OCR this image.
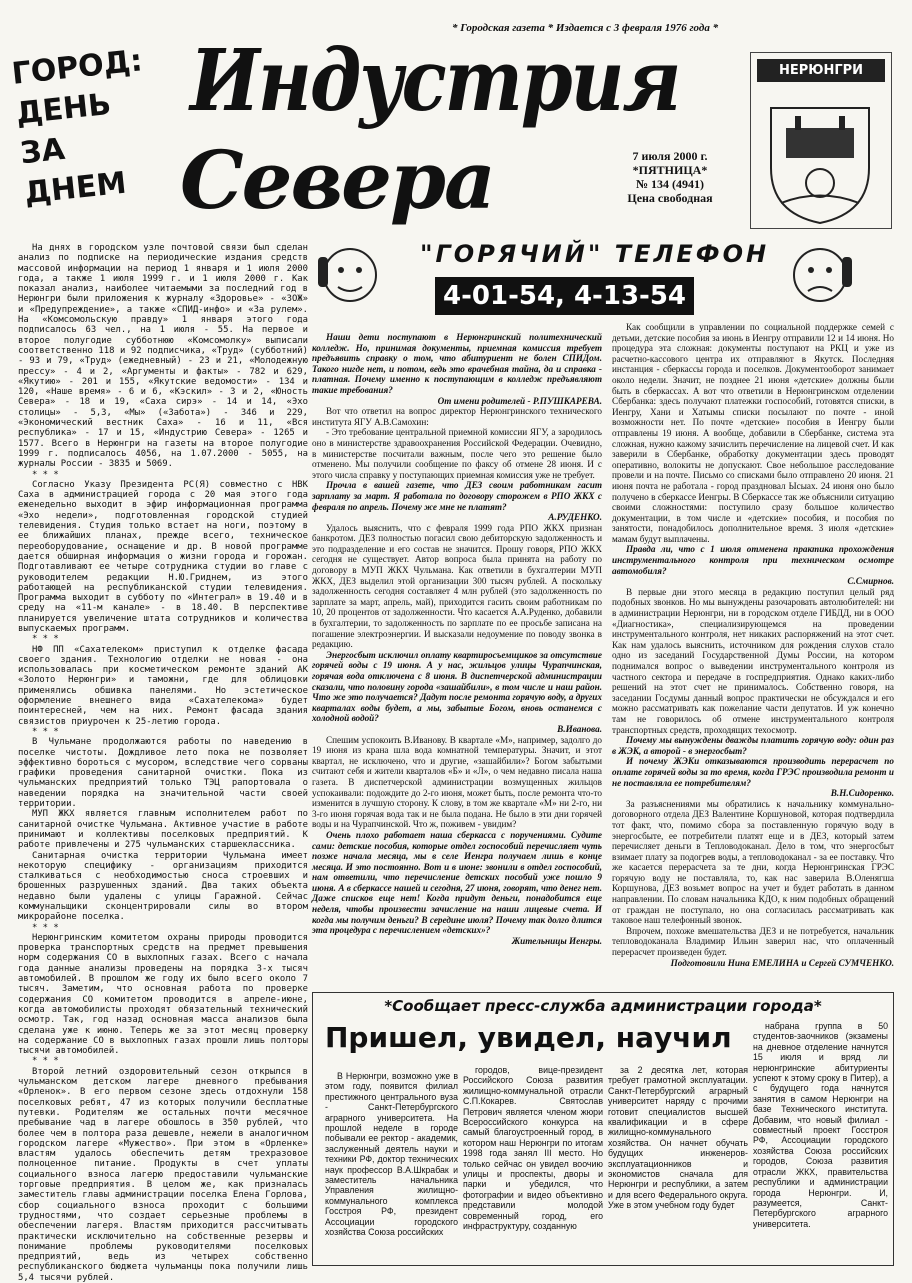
* Городская газета * Издается с 3 февраля 1976 года *
ГОРОД:
ДЕНЬ
ЗА
ДНЕМ
Индустрия
Севера	7 июля 2000 г. *ПЯТНИЦА*
№ 134 (4941)
Цена свободная
НЕРЮНГРИ
"ГОРЯЧИЙ" ТЕЛЕФОН
4-01-54, 4-13-54

На днях в городском узле почтовой связи был сделан анализ по подписке на периодические издания средств массовой информации на период 1 января и 1 июля 2000 года, а также 1 июля 1999 г. и 1 июля 2000 г. Как показал анализ, наиболее читаемыми за последний год в Нерюнгри были приложения к журналу «Здоровье» - «ЗОЖ» и «Предупреждение», а также «СПИД-инфо» и «За рулем». На «Комсомольскую правду» 1 января этого года подписалось 63 чел., на 1 июля - 55. На первое и второе полугодие субботнюю «Комсомолку» выписали соответственно 118 и 92 подписчика, «Труд» (субботний) - 93 и 79, «Труд» (ежедневный) - 23 и 21, «Молодежную прессу» - 4 и 2, «Аргументы и факты» - 782 и 629, «Якутию» - 201 и 155, «Якутские ведомости» - 134 и 120, «Наше время» - 6 и 6, «Кэскил» - 3 и 2, «Юность Севера» - 18 и 19, «Саха сирэ» - 14 и 14, «Эхо столицы» - 5,3, «Мы» («Забота») - 346 и 229, «Экономический вестник Саха» - 16 и 11, «Вся республика» - 17 и 15, «Индустрию Севера» - 1265 и 1577. Всего в Нерюнгри на газеты на второе полугодие 1999 г. подписалось 4056, на 1.07.2000 - 5055, на журналы России - 3835 и 5069.

* * *

Согласно Указу Президента РС(Я) совместно с НВК Саха в администрацией города с 20 мая этого года еженедельно выходит в эфир информационная программа «Эхо недели», подготовленная городской студией телевидения. Студия только встает на ноги, поэтому в ее ближайших планах, прежде всего, техническое переоборудование, оснащение и др. В новой программе дается обширная информация о жизни города и горожан. Подготавливают ее четыре сотрудника студии во главе с руководителем редакции Н.Ю.Гриднем, из этого работающей на республиканской студии телевидения. Программа выходит в субботу по «Интеграл» в 19.40 и в среду на «11-м канале» - в 18.40. В перспективе планируется увеличение штата сотрудников и количества выпускаемых программ.

* * *

НФ ПП «Сахателеком» приступил к отделке фасада своего здания. Технологию отделки не новая - она использовалась при косметическом ремонте зданий АК «Золото Нерюнгри» и таможни, где для облицовки применялись обшивка панелями. Но эстетическое оформление внешнего вида «Сахателекома» будет поинтересней, чем на них. Ремонт фасада здания связистов приурочен к 25-летию города.

* * *

В Чульмане продолжаются работы по наведению в поселке чистоты. Дождливое лето пока не позволяет эффективно бороться с мусором, вследствие чего сорваны графики проведения санитарной очистки. Пока из чульманских предприятий только ТЭЦ рапортовала о наведении порядка на значительной части своей территории.

МУП ЖКХ является главным исполнителем работ по санитарной очистке Чульмана. Активное участие в работе принимают и коллективы поселковых предприятий. К работе привлечены и 275 чульманских старшеклассника.

Санитарная очистка территории Чульмана имеет некоторую специфику - организациям приходится сталкиваться с необходимостью сноса строевших и брошенных разрушенных зданий. Два таких объекта недавно были удалены с улицы Гаражной. Сейчас коммунальщики сконцентрировали силы во втором микрорайоне поселка.

* * *

Нерюнгринским комитетом охраны природы проводится проверка транспортных средств на предмет превышения норм содержания СО в выхлопных газах. Всего с начала года данные анализы проведены на порядка 3-х тысяч автомобилей. В прошлом же году их было всего около 7 тысяч. Заметим, что основная работа по проверке содержания СО комитетом проводится в апреле-июне, когда автомобилисты проходят обязательный технический осмотр. Так, год назад основная масса анализов была сделана уже к июню. Теперь же за этот месяц проверку на содержание СО в выхлопных газах прошли лишь полторы тысячи автомобилей.

* * *

Второй летний оздоровительный сезон открылся в чульманском детском лагере дневного пребывания «Орленок». В его первом сезоне здесь отдохнули 158 поселковых ребят, 47 из которых получили бесплатные путевки. Родителям же остальных почти месячное пребывание чад в лагере обошлось в 350 рублей, что более чем в полтора раза дешевле, нежели в аналогичном городском лагере «Мужество». При этом в «Орленке» властям удалось обеспечить детям трехразовое полноценное питание. Продукты в счет уплаты социального взноса лагерю предоставили чульманские торговые предприятия. В целом же, как призналась заместитель главы администрации поселка Елена Горлова, сбор социального взноса проходит с большими трудностями, что создает серьезные проблемы в обеспечении лагеря. Властям приходится рассчитывать практически исключительно на собственные резервы и понимание проблемы руководителями поселковых предприятий, ведь из четырех собственно республиканского бюджета чульманцы пока получили лишь 5,4 тысячи рублей.

Наши дети поступают в Нерюнгринский политехнический колледж. Но, принимая документы, приемная комиссия требует предъявить справку о том, что абитуриент не болен СПИДом. Такого нигде нет, и потом, ведь это врачебная тайна, да и справка - платная. Почему именно к поступающим в колледж предъявляют такие требования?

От имени родителей - Р.ПУШКАРЕВА.

Вот что ответил на вопрос директор Нерюнгринского технического института ЯГУ А.В.Самохин:

- Это требование центральной приемной комиссии ЯГУ, а зародилось оно в министерстве здравоохранения Российской Федерации. Очевидно, в министерстве посчитали важным, после чего это решение было отменено. Мы получили сообщение по факсу об отмене 28 июня. И с этого числа справку у поступающих приемная комиссия уже не требует.

Прочла в вашей газете, что ДЕЗ своим работникам гасит зарплату за март. Я работала по договору сторожем в РПО ЖКХ с февраля по апрель. Почему же мне не платят?

А.РУДЕНКО.

Удалось выяснить, что с февраля 1999 года РПО ЖКХ признан банкротом. ДЕЗ полностью погасил свою дебиторскую задолженность и это подразделение и его состав не значится. Прошу говоря, РПО ЖКХ сегодня не существует. Автор вопроса была принята на работу по договору в МУП ЖКХ Чульмана. Как ответили в бухгалтерии МУП ЖКХ, ДЕЗ выделил этой организации 300 тысяч рублей. А поскольку задолженность сегодня составляет 4 млн рублей (это задолженность по зарплате за март, апрель, май), приходится гасить своим работникам по 10, 20 процентов от задолженности. Что касается А.А.Руденко, добавили в бухгалтерии, то задолженность по зарплате по ее просьбе записана на погашение электроэнергии. И высказали недоумение по поводу звонка в редакцию.

Энергосбыт исключил оплату квартиросъемщиков за отсутствие горячей воды с 19 июня. А у нас, жильцов улицы Чурапчинская, горячая вода отключена с 8 июня. В диспетчерской администрации сказали, что половину города «зашайбили», в том числе и наш район. Что же это получается? Дадут после ремонта горячую воду, а других кварталах воды будет, а мы, забытые Богом, вновь останемся с холодной водой?

В.Иванова.

Спешим успокоить В.Иванову. В квартале «М», например, задолго до 19 июня из крана шла вода комнатной температуры. Значит, и этот квартал, не исключено, что и другие, «зашайбили»? Богом забытыми считают себя и жители кварталов «Б» и «Л», о чем недавно писала наша газета. В диспетчерской администрации возмущенных жильцов успокаивали: подождите до 2-го июня, может быть, после ремонта что-то изменится в лучшую сторону. К слову, в том же квартале «М» ни 2-го, ни 3-го июня горячая вода так и не была подана. Не было в эти дни горячей воды и на Чурапчинской. Что ж, поживем - увидим?

Очень плохо работает наша сберкасса с поручениями. Судите сами: детские пособия, которые отдел госпособий перечисляет чуть позже начала месяца, мы в селе Иенгра получаем лишь в конце месяца. И это постоянно. Вот и в июне: звонили в отдел госпособий, нам ответили, что перечисление детских пособий уже пошло 9 июня. А в сберкассе нашей и сегодня, 27 июня, говорят, что денег нет. Даже списков еще нет! Когда придут деньги, понадобится еще неделя, чтобы произвести зачисление на наши лицевые счета. И когда мы получим деньги? В середине июля? Почему так долго длится эта процедура с перечислением «детских»?

Жительницы Иенгры.

Как сообщили в управлении по социальной поддержке семей с детьми, детские пособия за июнь в Иенгру отправили 12 и 14 июня. Но процедура эта сложная: документы поступают на РКЦ и уже из расчетно-кассового центра их отправляют в Якутск. Последняя инстанция - сберкассы города и поселков. Документооборот занимает около недели. Значит, не позднее 21 июня «детские» должны были быть в сберкассах. А вот что ответили в Нерюнгринском отделении Сбербанка: здесь получают платежки госпособий, готовятся списки, в Иенгру, Хани и Хатымы списки посылают по почте - иной возможности нет. По почте «детские» пособия в Иенгру были отправлены 19 июня. А вообще, добавили в Сбербанке, система эта сложная, нужно кажому зачислить перечисление на лицевой счет. И как заверили в Сбербанке, обработку документации здесь проводят оперативно, волокиты не допускают. Свое небольшое расследование провели и на почте. Письмо со списками было отправлено 20 июня. 21 июня почта не работала - город праздновал Ысыах. 24 июня оно было получено в сберкассе Иенгры. В Сберкассе так же объяснили ситуацию своими сложностями: поступило сразу большое количество документации, в том числе и «детские» пособия, и пособия по занятости, понадобилось дополнительное время. 3 июля «детские» мамам будут выплачены.

Правда ли, что с 1 июля отменена практика прохождения инструментального контроля при техническом осмотре автомобиля?

С.Смирнов.

В первые дни этого месяца в редакцию поступил целый ряд подобных звонков. Но мы вынуждены разочаровать автолюбителей: ни в администрации Нерюнгри, ни в городском отделе ГИБДД, ни в ООО «Диагностика», специализирующемся на проведении инструментального контроля, нет никаких распоряжений на этот счет. Как нам удалось выяснить, источником для рождения слухов стало одно из заседаний Государственной Думы России, на котором поднимался вопрос о выведении инструментального контроля из частного сектора и передаче в госпредприятия. Однако каких-либо решений на этот счет не принималось. Собственно говоря, на заседании Госдумы данный вопрос практически не обсуждался и его можно рассматривать как пожелание части депутатов. И уж конечно там не говорилось об отмене инструментального контроля транспортных средств, проходящих техосмотр.

Почему мы вынуждены дважды платить горячую воду: один раз в ЖЭК, а второй - в энергосбыт?

И почему ЖЭКи отказываются производить перерасчет по оплате горячей воды за то время, когда ГРЭС производила ремонт и не поставляла ее потребителям?

В.Н.Сидоренко.

За разъяснениями мы обратились к начальнику коммунально-договорного отдела ДЕЗ Валентине Коршуновой, которая подтвердила тот факт, что, помимо сбора за поставленную горячую воду в энергосбыте, ее потребители платят еще и в ДЕЗ, который затем перечисляет деньги в Тепловодоканал. Дело в том, что энергосбыт взимает плату за подогрев воды, а тепловодоканал - за ее поставку. Что же касается перерасчета за те дни, когда Нерюнгринская ГРЭС горячую воду не поставляла, то, как нас заверила В.Оленягша Коршунова, ДЕЗ возьмет вопрос на учет и будет работать в данном направлении. По словам начальника КДО, к ним подобных обращений от граждан не поступало, но она согласилась рассматривать как таковое наш телефонный звонок.

Впрочем, похоже вмешательства ДЕЗ и не потребуется, начальник тепловодоканала Владимир Ильин заверил нас, что оплаченный перерасчет произведен будет.

Подготовили Нина ЕМЕЛИНА и Сергей СУМЧЕНКО.

*Сообщает пресс-служба администрации города*
Пришел, увидел, научил

В Нерюнгри, возможно уже в этом году, появится филиал престижного центрального вуза - Санкт-Петербургского аграрного университета. На прошлой неделе в городе побывали ее ректор - академик, заслуженный деятель науки и техники РФ, доктор технических наук профессор В.А.Шкрабак и заместитель начальника Управления жилищно-коммунального комплекса Госстроя РФ, президент Ассоциации городского хозяйства Союза российских

городов, вице-президент Российского Союза развития жилищно-коммунальной отрасли С.П.Кокарев. Святослав Петрович является членом жюри Всероссийского конкурса на самый благоустроенный город, в котором наш Нерюнгри по итогам 1998 года занял III место. Но только сейчас он увидел воочию улицы и проспекты, дворы и парки и убедился, что фотографии и видео объективно представили молодой современный город, его инфраструктуру, созданную

за 2 десятка лет, которая требует грамотной эксплуатации. Санкт-Петербургский аграрный университет наряду с прочими готовит специалистов высшей квалификации и в сфере жилищно-коммунального хозяйства. Он начнет обучать будущих инженеров-эксплуатационников и экономистов сначала для Нерюнгри и республики, а затем и для всего Федерального округа. Уже в этом учебном году будет

набрана группа в 50 студентов-заочников (экзамены на дневное отделение начнутся 15 июля и вряд ли нерюнгринские абитуриенты успеют к этому сроку в Питер), а с будущего года начнутся занятия в самом Нерюнгри на базе Технического института. Добавим, что новый филиал - совместный проект Госстроя РФ, Ассоциации городского хозяйства Союза российских городов, Союза развития отрасли ЖКХ, правительства республики и администрации города Нерюнгри. И, разумеется, Санкт-Петербургского аграрного университета.
